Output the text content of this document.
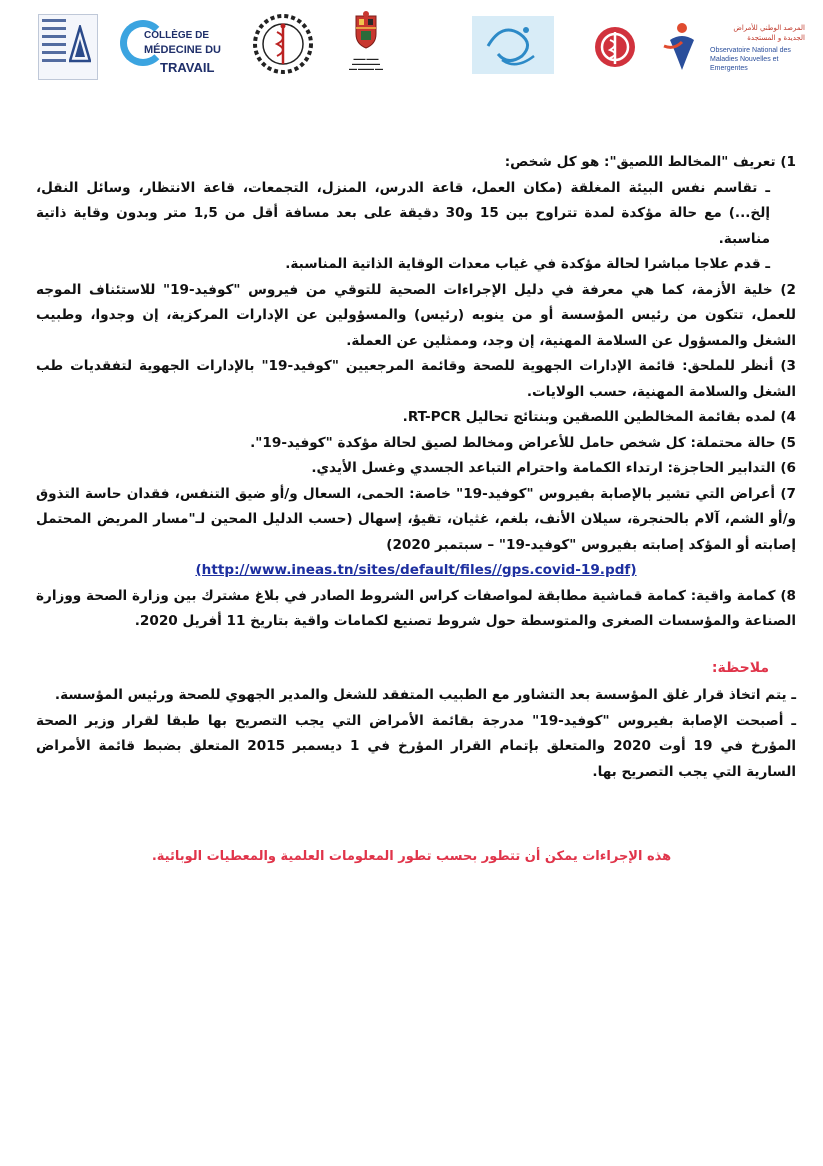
COLLÈGE DE
MÉDECINE DU
TRAVAIL
▬▬▬ ▬▬▬
▬▬▬▬▬▬▬
▬▬ ▬▬▬▬ ▬▬
المرصد الوطني للأمراض الجديدة و المستجدة
Observatoire National des Maladies Nouvelles et Emergentes

1) تعريف "المخالط اللصيق": هو كل شخص:

ـ تقاسم نفس البيئة المغلقة (مكان العمل، قاعة الدرس، المنزل، التجمعات، قاعة الانتظار، وسائل النقل، إلخ...) مع حالة مؤكدة لمدة تتراوح بين 15 و30 دقيقة على بعد مسافة أقل من 1,5 متر وبدون وقاية ذاتية مناسبة.

ـ قدم علاجا مباشرا لحالة مؤكدة في غياب معدات الوقاية الذاتية المناسبة.

2) خلية الأزمة، كما هي معرفة في دليل الإجراءات الصحية للتوقي من فيروس "كوفيد-19" للاستئناف الموجه للعمل، تتكون من رئيس المؤسسة أو من ينوبه (رئيس) والمسؤولين عن الإدارات المركزية، إن وجدوا، وطبيب الشغل والمسؤول عن السلامة المهنية، إن وجد، وممثلين عن العملة.

3) أنظر للملحق: قائمة الإدارات الجهوية للصحة وقائمة المرجعيين "كوفيد-19" بالإدارات الجهوية لتفقديات طب الشغل والسلامة المهنية، حسب الولايات.

4) لمده بقائمة المخالطين اللصقين وبنتائج تحاليل RT-PCR.

5) حالة محتملة: كل شخص حامل للأعراض ومخالط لصيق لحالة مؤكدة "كوفيد-19".

6) التدابير الحاجزة: ارتداء الكمامة واحترام التباعد الجسدي وغسل الأيدي.

7) أعراض التي تشير بالإصابة بفيروس "كوفيد-19" خاصة: الحمى، السعال و/أو ضيق التنفس، فقدان حاسة التذوق و/أو الشم، آلام بالحنجرة، سيلان الأنف، بلغم، غثيان، تقيؤ، إسهال (حسب الدليل المحين لـ"مسار المريض المحتمل إصابته أو المؤكد إصابته بفيروس "كوفيد-19" – سبتمبر 2020)

(http://www.ineas.tn/sites/default/files//gps.covid-19.pdf)

8) كمامة واقية: كمامة قماشية مطابقة لمواصفات كراس الشروط الصادر في بلاغ مشترك بين وزارة الصحة ووزارة الصناعة والمؤسسات الصغرى والمتوسطة حول شروط تصنيع لكمامات واقية بتاريخ 11 أفريل 2020.

ملاحظة:

ـ يتم اتخاذ قرار غلق المؤسسة بعد التشاور مع الطبيب المتفقد للشغل والمدير الجهوي للصحة ورئيس المؤسسة.

ـ أصبحت الإصابة بفيروس "كوفيد-19" مدرجة بقائمة الأمراض التي يجب التصريح بها طبقا لقرار وزير الصحة المؤرخ في 19 أوت 2020 والمتعلق بإتمام القرار المؤرخ في 1 ديسمبر 2015 المتعلق بضبط قائمة الأمراض السارية التي يجب التصريح بها.

هذه الإجراءات يمكن أن تتطور بحسب تطور المعلومات العلمية والمعطيات الوبائية.
